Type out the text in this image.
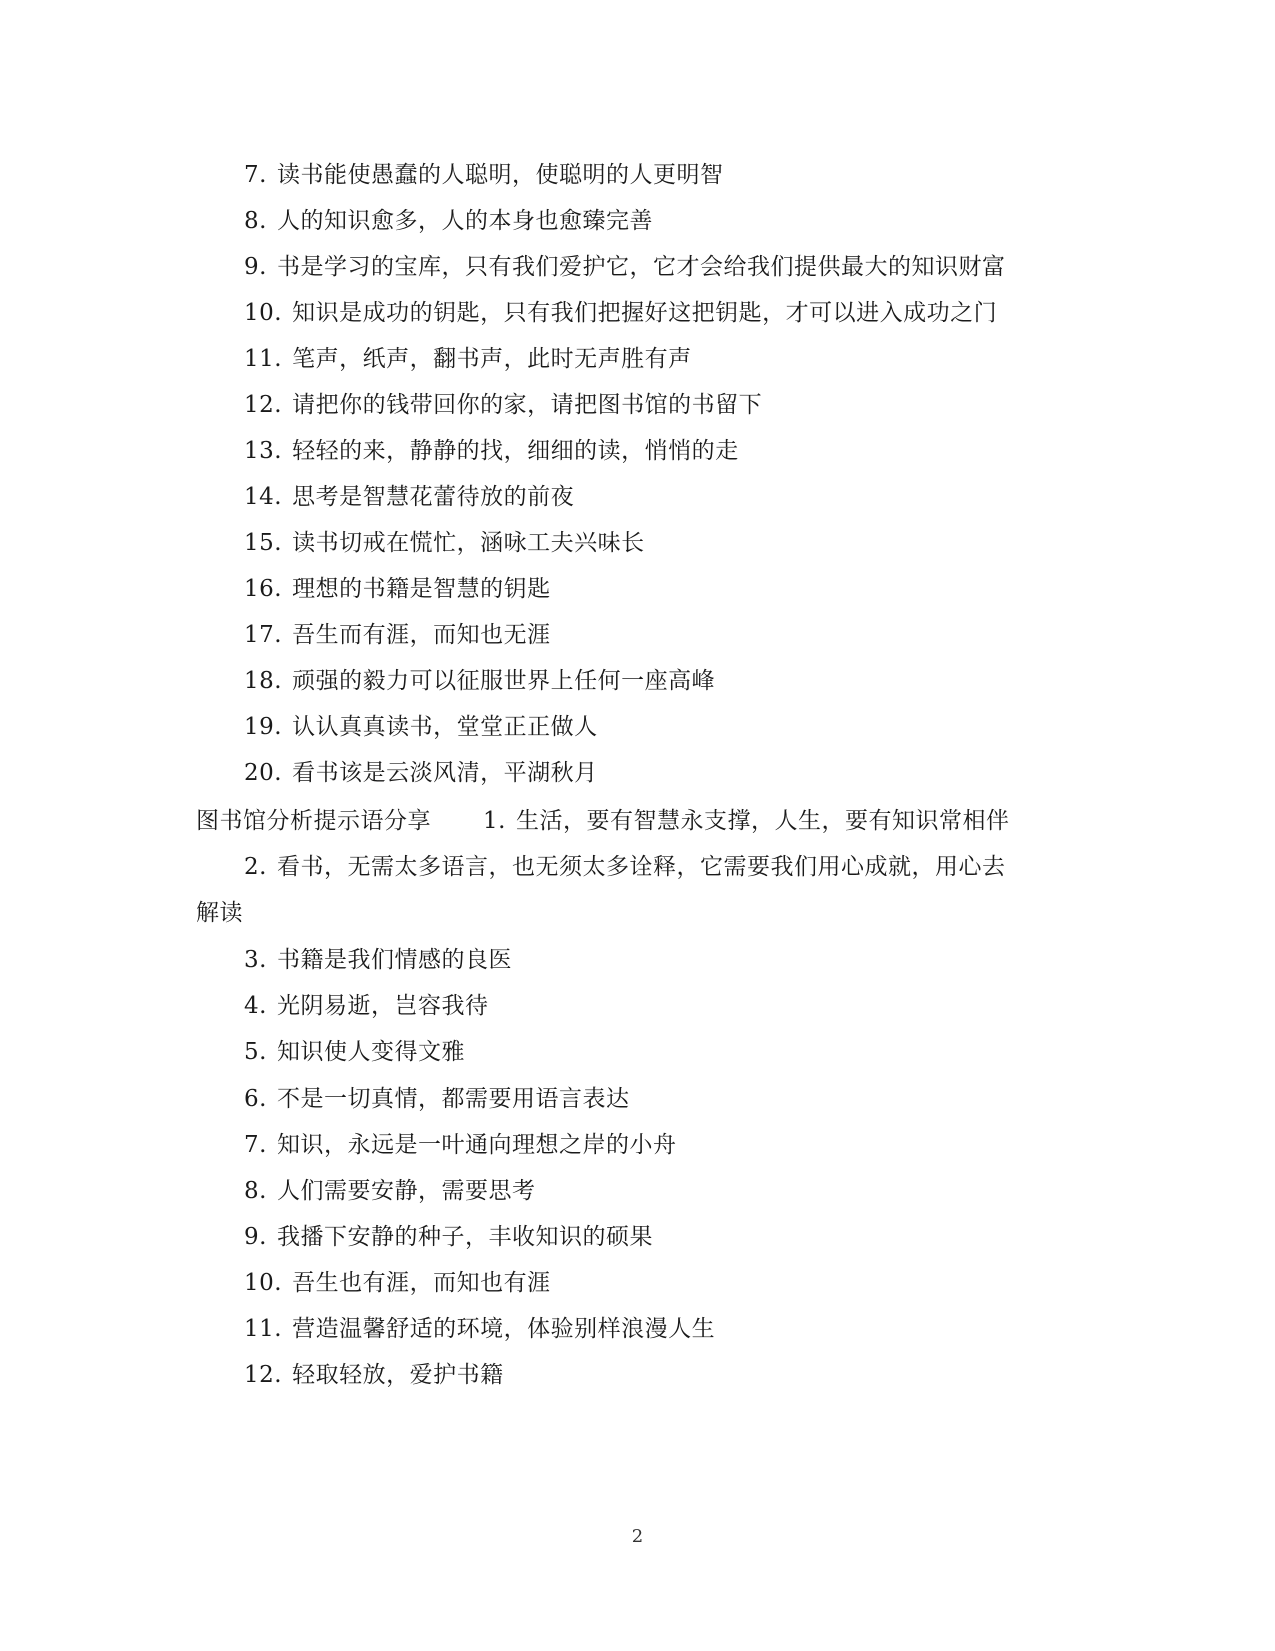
7. 读书能使愚蠢的人聪明，使聪明的人更明智
8. 人的知识愈多，人的本身也愈臻完善
9. 书是学习的宝库，只有我们爱护它，它才会给我们提供最大的知识财富
10. 知识是成功的钥匙，只有我们把握好这把钥匙，才可以进入成功之门
11. 笔声，纸声，翻书声，此时无声胜有声
12. 请把你的钱带回你的家，请把图书馆的书留下
13. 轻轻的来，静静的找，细细的读，悄悄的走
14. 思考是智慧花蕾待放的前夜
15. 读书切戒在慌忙，涵咏工夫兴味长
16. 理想的书籍是智慧的钥匙
17. 吾生而有涯，而知也无涯
18. 顽强的毅力可以征服世界上任何一座高峰
19. 认认真真读书，堂堂正正做人
20. 看书该是云淡风清，平湖秋月
图书馆分析提示语分享 1. 生活，要有智慧永支撑，人生，要有知识常相伴
2. 看书，无需太多语言，也无须太多诠释，它需要我们用心成就，用心去
解读
3. 书籍是我们情感的良医
4. 光阴易逝，岂容我待
5. 知识使人变得文雅
6. 不是一切真情，都需要用语言表达
7. 知识，永远是一叶通向理想之岸的小舟
8. 人们需要安静，需要思考
9. 我播下安静的种子，丰收知识的硕果
10. 吾生也有涯，而知也有涯
11. 营造温馨舒适的环境，体验别样浪漫人生
12. 轻取轻放，爱护书籍
2
